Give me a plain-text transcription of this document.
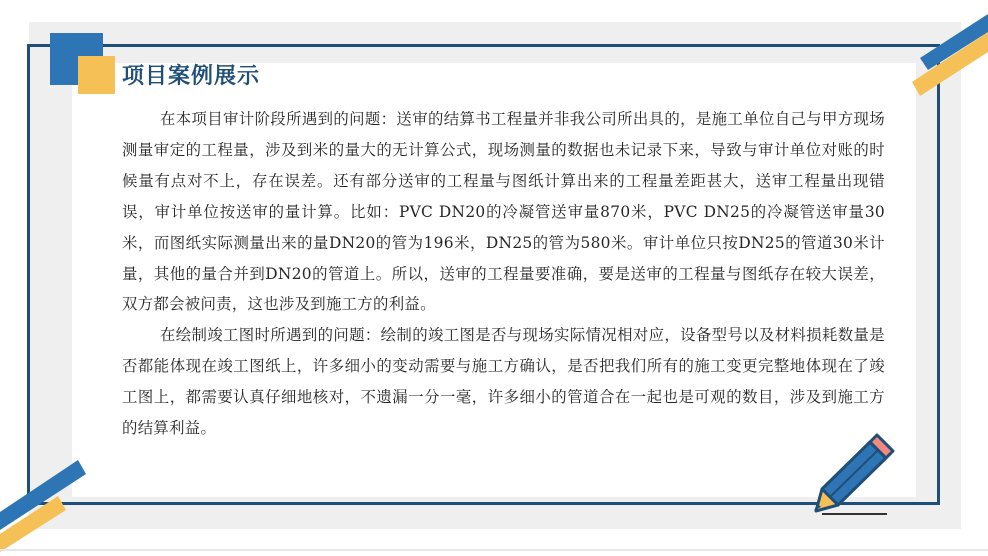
项目案例展示

在本项目审计阶段所遇到的问题：送审的结算书工程量并非我公司所出具的，是施工单位自己与甲方现场测量审定的工程量，涉及到米的量大的无计算公式，现场测量的数据也未记录下来，导致与审计单位对账的时候量有点对不上，存在误差。还有部分送审的工程量与图纸计算出来的工程量差距甚大，送审工程量出现错误，审计单位按送审的量计算。比如：PVC DN20的冷凝管送审量870米，PVC DN25的冷凝管送审量30米，而图纸实际测量出来的量DN20的管为196米，DN25的管为580米。审计单位只按DN25的管道30米计量，其他的量合并到DN20的管道上。所以，送审的工程量要准确，要是送审的工程量与图纸存在较大误差，双方都会被问责，这也涉及到施工方的利益。

在绘制竣工图时所遇到的问题：绘制的竣工图是否与现场实际情况相对应，设备型号以及材料损耗数量是否都能体现在竣工图纸上，许多细小的变动需要与施工方确认，是否把我们所有的施工变更完整地体现在了竣工图上，都需要认真仔细地核对，不遗漏一分一毫，许多细小的管道合在一起也是可观的数目，涉及到施工方的结算利益。
